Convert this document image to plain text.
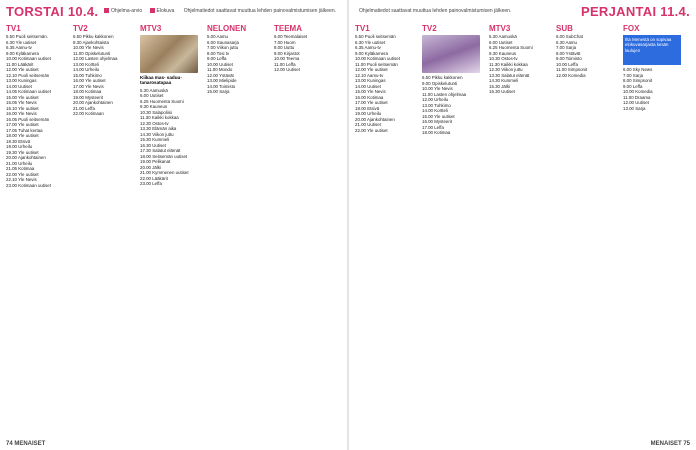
TORSTAI 10.4.	Ohjelma-arvio	Elokuva Ohjelmatiedot saattavat muuttua lehden painovalmistumisen jälkeen.
TV1
5.50 Puoli seitsemän.
6.30 Yle uutiset
6.35 Aamu-tv
9.00 Kyläkamera
10.00 Kotimaan uutiset
11.00 Lääkärit
12.00 Yle uutiset
12.10 Puoli seitsemän
13.00 Kuningas
14.00 Uutiset
14.05 Kotimaan uutiset
15.00 Yle uutiset
15.05 Yle Nevis
15.10 Yle uutiset
16.00 Yle Nevis
16.05 Puoli seitsemän
17.00 Yle uutiset
17.05 Tuhat kertaa
18.00 Yle uutiset
18.30 Etsivä
19.00 Urheilu
19.30 Yle uutiset
20.00 Ajankohtainen
21.00 Urheilu
21.05 Kotimaa
22.00 Yle uutiset
22.10 Yle Nevis
23.00 Kotimaan uutiset
TV2
6.50 Pikku kakkonen
9.30 Ajankohtaista
10.00 Yle Nevis
11.00 Opiskelutunti
12.00 Lasten ohjelmaa
13.00 Kortteli
14.00 Urheilu
15.00 Tuhkimo
16.00 Yle uutiset
17.00 Yle Nevis
18.00 Kotimaa
19.00 Mysteerit
20.00 Ajankohtainen
21.00 Leffa
22.00 Kotimaan
MTV3
Kiikaa mas- saduu- tanarosatapaa
5.30 Aamuskä
6.00 Uutiset
6.25 Huomenta Suomi
9.30 Kauneus
10.30 Salapoliisi
11.30 Kaikki kokkaa
12.30 Ostos-tv
13.30 Elämän aika
14.30 Viikon juttu
15.30 Kummeli
16.30 Uutiset
17.30 Salatut elämät
18.00 Seitsemän uutiset
19.00 Pelikanat
20.00 Jälki
21.00 Kymmenen uutiset
22.00 Lääkärit
23.00 Leffa
NELONEN
5.00 Aamu
6.00 Saunasarja
7.00 Viikon juttu
8.00 Tosi tv
9.00 Leffa
10.00 Uutiset
11.00 Mondo
12.00 Ystävät
13.00 Mielipide
14.00 Toimisto
15.00 Sarja
TEEMA
6.00 Teemalaiset
7.00 Huom
8.00 Uuttu
9.00 Kirjastot
10.00 Teema
11.00 Leffa
12.00 Uutiset
74 MENAISET
Ohjelmatiedot saattavat muuttua lehden painovalmistumisen jälkeen.	PERJANTAI 11.4.
TV1
5.50 Puoli seitsemän
6.30 Yle uutiset
6.35 Aamu-tv
9.00 Kyläkamera
10.00 Kotimaan uutiset
11.00 Puoli seitsemän
12.00 Yle uutiset
12.10 Aamu-tv
13.00 Kuningas
14.00 Uutiset
15.00 Yle Nevis
16.00 Kotimaa
17.00 Yle uutiset
18.00 Etsivä
19.00 Urheilu
20.00 Ajankohtainen
21.00 Uutiset
22.00 Yle uutiset
TV2
6.50 Pikku kakkonen
9.00 Opiskelutunti
10.00 Yle Nevis
11.00 Lasten ohjelmaa
12.00 Urheilu
13.00 Tuhkimo
14.00 Kortteli
15.00 Yle uutiset
16.00 Mysteerit
17.00 Leffa
18.00 Kotimaa
MTV3
5.30 Aamuskä
6.00 Uutiset
6.25 Huomenta Suomi
9.30 Kauneus
10.30 Ostos-tv
11.30 Kaikki kokkaa
12.30 Viikon juttu
13.30 Salatut elämät
14.30 Kummeli
15.30 Jälki
16.30 Uutiset
SUB
6.00 SubChat
6.30 Aamu
7.00 Sarja
8.00 Ystävät
9.00 Toimisto
10.00 Leffa
11.00 Simpsonit
12.00 Komedia
FOX
Ilta Menestä on sopivaa elokuvasarjasta kesän laulujen
6.00 Sky News
7.00 Sarja
8.00 Simpsonit
9.00 Leffa
10.00 Komedia
11.00 Draama
12.00 Uutiset
13.00 Sarja
MENAISET 75
